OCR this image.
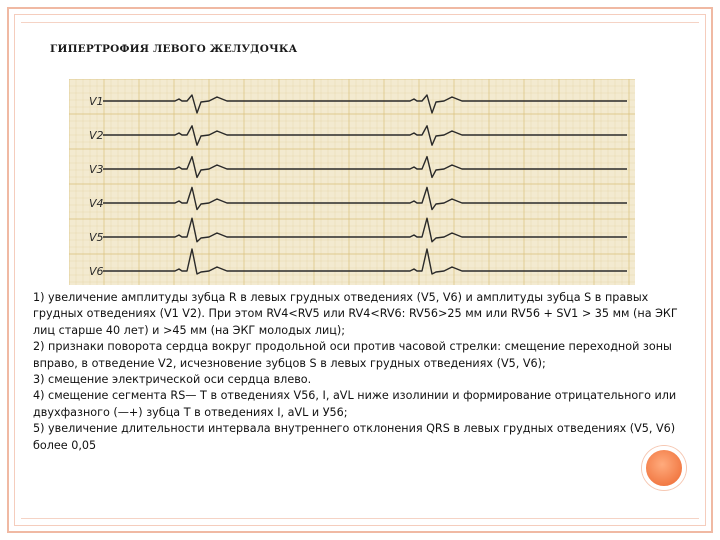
ГИПЕРТРОФИЯ ЛЕВОГО ЖЕЛУДОЧКА
V1
V2
V3
V4
V5
V6

1) увеличение амплитуды зубца R в левых грудных отведениях (V5, V6) и амплитуды зубца S в правых грудных отведениях (V1 V2). При этом RV4<RV5 или RV4<RV6: RV56>25 мм или RV56 + SV1 > 35 мм (на ЭКГ лиц старше 40 лет) и >45 мм (на ЭКГ молодых лиц);

2) признаки поворота сердца вокруг продольной оси против часовой стрелки: смещение переходной зоны вправо, в отведение V2, исчезновение зубцов S в левых грудных отведениях (V5, V6);

3) смещение электрической оси сердца влево.

4) смещение сегмента RS— T в отведениях V56, I, aVL ниже изолинии и формирование отрицательного или двухфазного (—+) зубца T в отведениях I, aVL и У56;

5) увеличение длительности интервала внутреннего отклонения QRS в левых грудных отведениях (V5, V6) более 0,05
